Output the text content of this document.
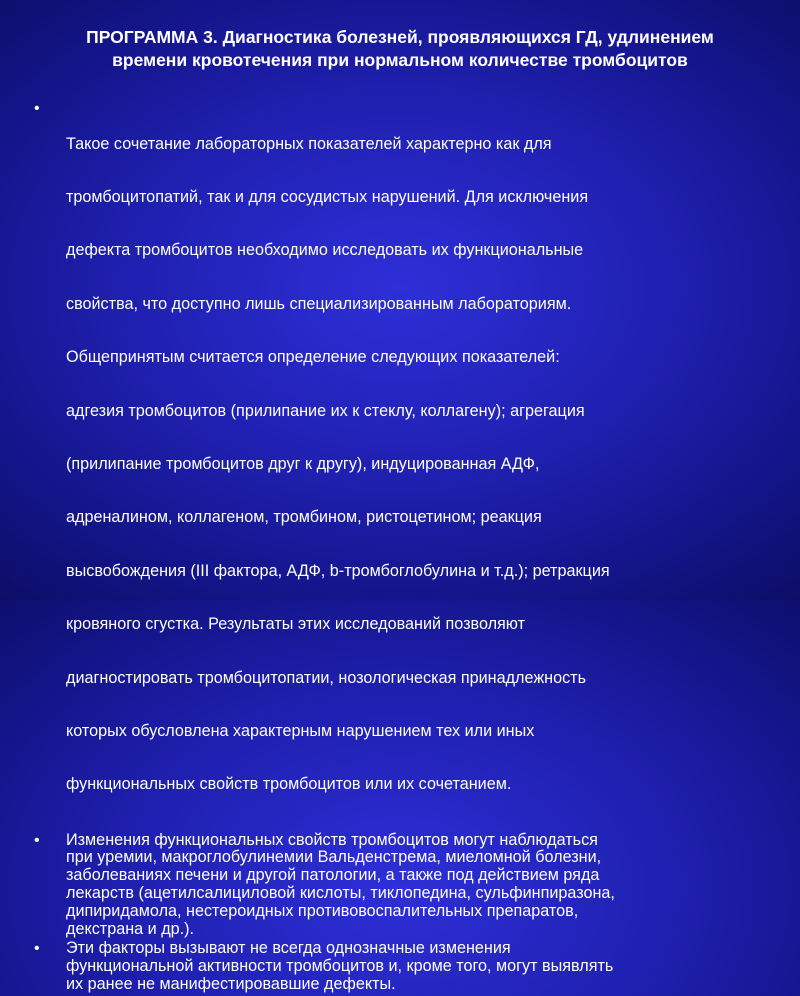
ПРОГРАММА 3. Диагностика болезней, проявляющихся ГД, удлинением
времени кровотечения при нормальном количестве тромбоцитов
•

Такое сочетание лабораторных показателей характерно как для

тромбоцитопатий, так и для сосудистых нарушений. Для исключения

дефекта тромбоцитов необходимо исследовать их функциональные

свойства, что доступно лишь специализированным лабораториям.

Общепринятым считается определение следующих показателей:

адгезия тромбоцитов (прилипание их к стеклу, коллагену); агрегация

(прилипание тромбоцитов друг к другу), индуцированная АДФ,

адреналином, коллагеном, тромбином, ристоцетином; реакция

высвобождения (III фактора, АДФ, b-тромбоглобулина и т.д.); ретракция

кровяного сгустка. Результаты этих исследований позволяют

диагностировать тромбоцитопатии, нозологическая принадлежность

которых обусловлена характерным нарушением тех или иных

функциональных свойств тромбоцитов или их сочетанием.

•	Изменения функциональных свойств тромбоцитов могут наблюдаться
при уремии, макроглобулинемии Вальденстрема, миеломной болезни,
заболеваниях печени и другой патологии, а также под действием ряда
лекарств (ацетилсалициловой кислоты, тиклопедина, сульфинпиразона,
дипиридамола, нестероидных противовоспалительных препаратов,
декстрана и др.).
•	Эти факторы вызывают не всегда однозначные изменения
функциональной активности тромбоцитов и, кроме того, могут выявлять
их ранее не манифестировавшие дефекты.
